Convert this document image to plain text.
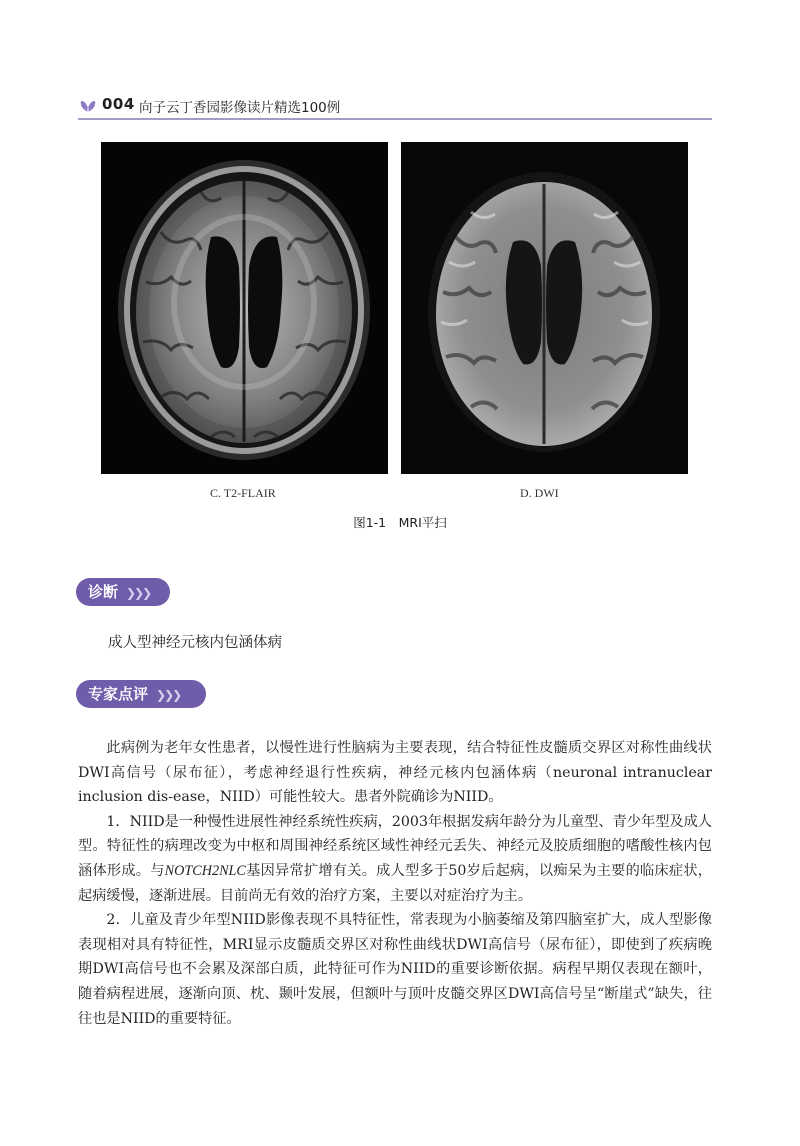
004 向子云丁香园影像读片精选100例
C. T2-FLAIR	D. DWI
图1-1　MRI平扫
诊断 ❯❯❯
成人型神经元核内包涵体病
专家点评 ❯❯❯

此病例为老年女性患者，以慢性进行性脑病为主要表现，结合特征性皮髓质交界区对称性曲线状DWI高信号（尿布征），考虑神经退行性疾病，神经元核内包涵体病（neuronal intranuclear inclusion dis-ease，NIID）可能性较大。患者外院确诊为NIID。

1．NIID是一种慢性进展性神经系统性疾病，2003年根据发病年龄分为儿童型、青少年型及成人型。特征性的病理改变为中枢和周围神经系统区域性神经元丢失、神经元及胶质细胞的嗜酸性核内包涵体形成。与NOTCH2NLC基因异常扩增有关。成人型多于50岁后起病，以痴呆为主要的临床症状，起病缓慢，逐渐进展。目前尚无有效的治疗方案，主要以对症治疗为主。

2．儿童及青少年型NIID影像表现不具特征性，常表现为小脑萎缩及第四脑室扩大，成人型影像表现相对具有特征性，MRI显示皮髓质交界区对称性曲线状DWI高信号（尿布征），即使到了疾病晚期DWI高信号也不会累及深部白质，此特征可作为NIID的重要诊断依据。病程早期仅表现在额叶，随着病程进展，逐渐向顶、枕、颞叶发展，但额叶与顶叶皮髓交界区DWI高信号呈“断崖式”缺失，往往也是NIID的重要特征。
